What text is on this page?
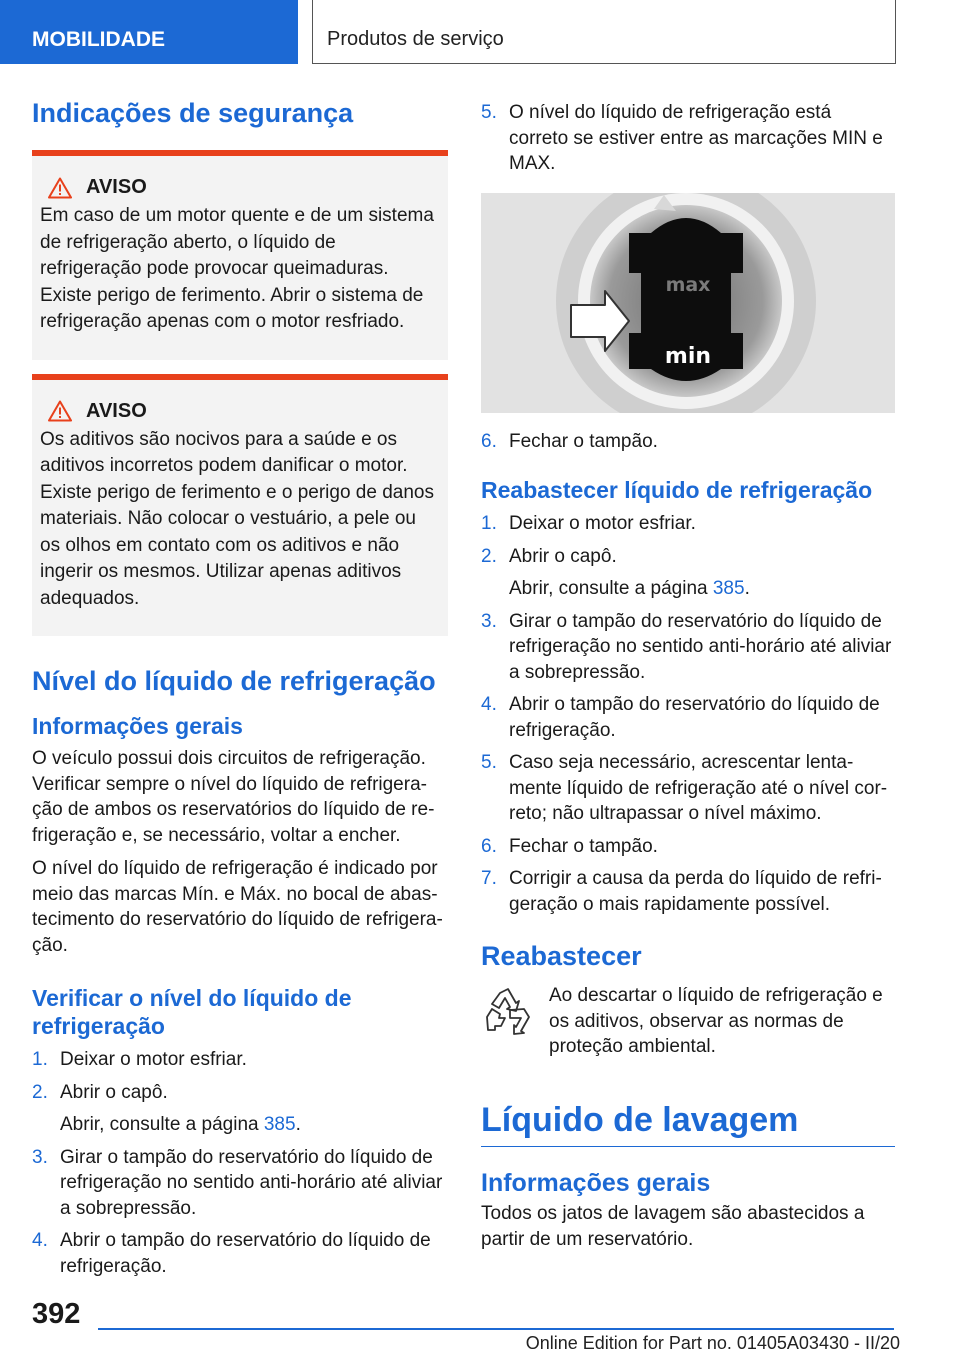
MOBILIDADE	Produtos de serviço
Indicações de segurança
AVISO

Em caso de um motor quente e de um sistema de refrigeração aberto, o líquido de refrigeração pode provocar queimaduras. Existe perigo de ferimento. Abrir o sistema de refrigeração apenas com o motor resfriado.

AVISO

Os aditivos são nocivos para a saúde e os aditivos incorretos podem danificar o motor. Existe perigo de ferimento e o perigo de danos materiais. Não colocar o vestuário, a pele ou os olhos em contato com os aditivos e não ingerir os mesmos. Utilizar apenas aditivos adequados.

Nível do líquido de refrigeração
Informações gerais

O veículo possui dois circuitos de refrigeração. Verificar sempre o nível do líquido de refrigeração de ambos os reservatórios do líquido de refrigeração e, se necessário, voltar a encher.

O nível do líquido de refrigeração é indicado por meio das marcas Mín. e Máx. no bocal de abastecimento do reservatório do líquido de refrigeração.

Verificar o nível do líquido de refrigeração
1. Deixar o motor esfriar.
2. Abrir o capô.
Abrir, consulte a página 385.
3. Girar o tampão do reservatório do líquido de refrigeração no sentido anti-horário até aliviar a sobrepressão.
4. Abrir o tampão do reservatório do líquido de refrigeração.
5. O nível do líquido de refrigeração está correto se estiver entre as marcações MIN e MAX.
max
min
6. Fechar o tampão.
Reabastecer líquido de refrigeração
1. Deixar o motor esfriar.
2. Abrir o capô.
Abrir, consulte a página 385.
3. Girar o tampão do reservatório do líquido de refrigeração no sentido anti-horário até aliviar a sobrepressão.
4. Abrir o tampão do reservatório do líquido de refrigeração.
5. Caso seja necessário, acrescentar lentamente líquido de refrigeração até o nível correto; não ultrapassar o nível máximo.
6. Fechar o tampão.
7. Corrigir a causa da perda do líquido de refrigeração o mais rapidamente possível.
Reabastecer

Ao descartar o líquido de refrigeração e os aditivos, observar as normas de proteção ambiental.

Líquido de lavagem
Informações gerais

Todos os jatos de lavagem são abastecidos a partir de um reservatório.

392
Online Edition for Part no. 01405A03430 - II/20
